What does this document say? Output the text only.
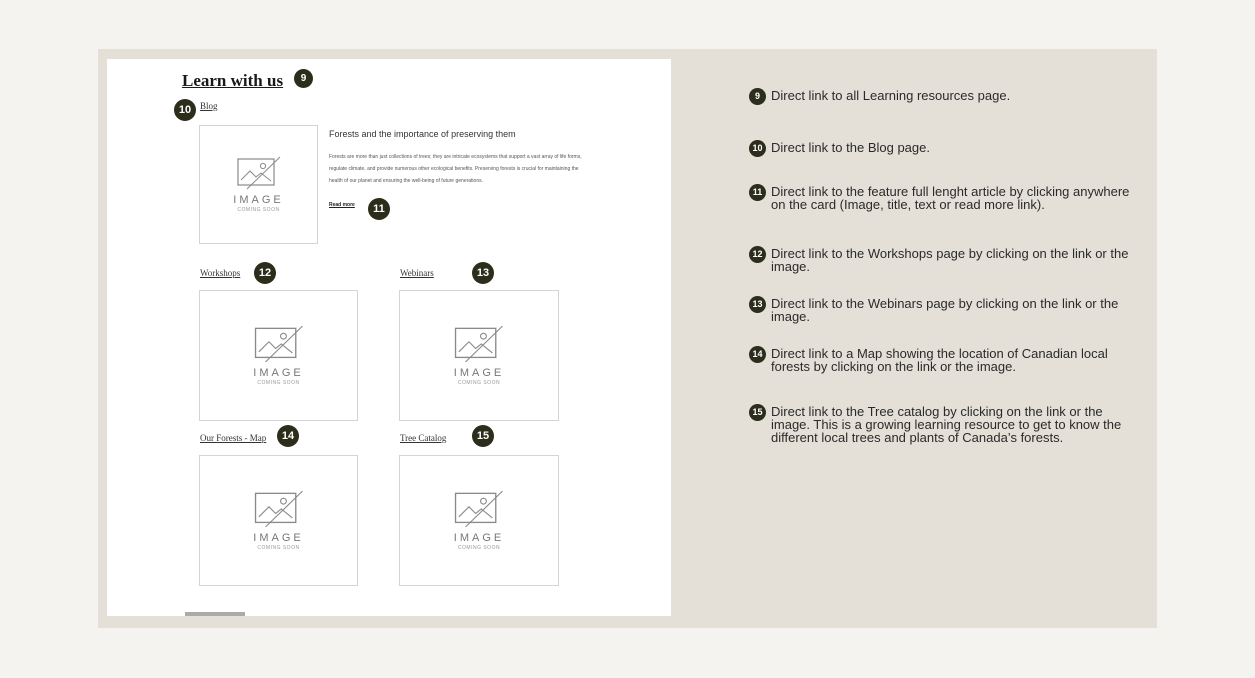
Learn with us	9
10 Blog
IMAGE
COMING SOON
Forests and the importance of preserving them
Forests are more than just collections of trees; they are intricate ecosystems that support a vast array of life forms, regulate climate, and provide numerous other ecological benefits. Preserving forests is crucial for maintaining the health of our planet and ensuring the well-being of future generations.
Read more	11
Workshops	12	Webinars	13
IMAGE
COMING SOON
IMAGE
COMING SOON
Our Forests - Map	14	Tree Catalog	15
IMAGE
COMING SOON
IMAGE
COMING SOON
9 Direct link to all Learning resources page.
10 Direct link to the Blog page.
11 Direct link to the feature full lenght article by clicking anywhere on the card (Image, title, text or read more link).
12 Direct link to the Workshops page by clicking on the link or the image.
13 Direct link to the Webinars page by clicking on the link or the image.
14 Direct link to a Map showing the location of Canadian local forests by clicking on the link or the image.
15 Direct link to the Tree catalog by clicking on the link or the image. This is a growing learning resource to get to know the different local trees and plants of Canada’s forests.
